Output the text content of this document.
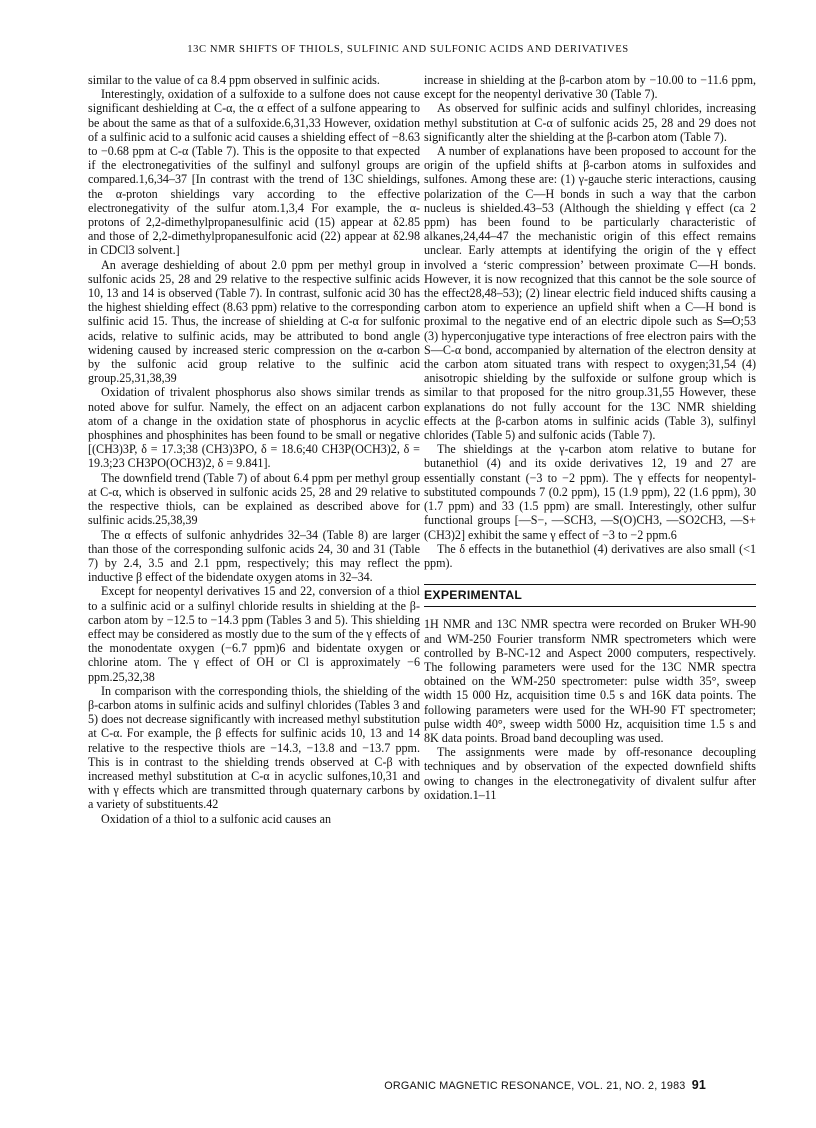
13C NMR SHIFTS OF THIOLS, SULFINIC AND SULFONIC ACIDS AND DERIVATIVES

similar to the value of ca 8.4 ppm observed in sulfinic acids.

Interestingly, oxidation of a sulfoxide to a sulfone does not cause significant deshielding at C-α, the α effect of a sulfone appearing to be about the same as that of a sulfoxide.6,31,33 However, oxidation of a sulfinic acid to a sulfonic acid causes a shielding effect of −8.63 to −0.68 ppm at C-α (Table 7). This is the opposite to that expected if the electronegativities of the sulfinyl and sulfonyl groups are compared.1,6,34–37 [In contrast with the trend of 13C shieldings, the α-proton shieldings vary according to the effective electronegativity of the sulfur atom.1,3,4 For example, the α-protons of 2,2-dimethylpropanesulfinic acid (15) appear at δ2.85 and those of 2,2-dimethylpropanesulfonic acid (22) appear at δ2.98 in CDCl3 solvent.]

An average deshielding of about 2.0 ppm per methyl group in sulfonic acids 25, 28 and 29 relative to the respective sulfinic acids 10, 13 and 14 is observed (Table 7). In contrast, sulfonic acid 30 has the highest shielding effect (8.63 ppm) relative to the corresponding sulfinic acid 15. Thus, the increase of shielding at C-α for sulfonic acids, relative to sulfinic acids, may be attributed to bond angle widening caused by increased steric compression on the α-carbon by the sulfonic acid group relative to the sulfinic acid group.25,31,38,39

Oxidation of trivalent phosphorus also shows similar trends as noted above for sulfur. Namely, the effect on an adjacent carbon atom of a change in the oxidation state of phosphorus in acyclic phosphines and phosphinites has been found to be small or negative [(CH3)3P, δ = 17.3;38 (CH3)3PO, δ = 18.6;40 CH3P(OCH3)2, δ = 19.3;23 CH3PO(OCH3)2, δ = 9.841].

The downfield trend (Table 7) of about 6.4 ppm per methyl group at C-α, which is observed in sulfonic acids 25, 28 and 29 relative to the respective thiols, can be explained as described above for sulfinic acids.25,38,39

The α effects of sulfonic anhydrides 32–34 (Table 8) are larger than those of the corresponding sulfonic acids 24, 30 and 31 (Table 7) by 2.4, 3.5 and 2.1 ppm, respectively; this may reflect the inductive β effect of the bidendate oxygen atoms in 32–34.

Except for neopentyl derivatives 15 and 22, conversion of a thiol to a sulfinic acid or a sulfinyl chloride results in shielding at the β-carbon atom by −12.5 to −14.3 ppm (Tables 3 and 5). This shielding effect may be considered as mostly due to the sum of the γ effects of the monodentate oxygen (−6.7 ppm)6 and bidentate oxygen or chlorine atom. The γ effect of OH or Cl is approximately −6 ppm.25,32,38

In comparison with the corresponding thiols, the shielding of the β-carbon atoms in sulfinic acids and sulfinyl chlorides (Tables 3 and 5) does not decrease significantly with increased methyl substitution at C-α. For example, the β effects for sulfinic acids 10, 13 and 14 relative to the respective thiols are −14.3, −13.8 and −13.7 ppm. This is in contrast to the shielding trends observed at C-β with increased methyl substitution at C-α in acyclic sulfones,10,31 and with γ effects which are transmitted through quaternary carbons by a variety of substituents.42

Oxidation of a thiol to a sulfonic acid causes an

increase in shielding at the β-carbon atom by −10.00 to −11.6 ppm, except for the neopentyl derivative 30 (Table 7).

As observed for sulfinic acids and sulfinyl chlorides, increasing methyl substitution at C-α of sulfonic acids 25, 28 and 29 does not significantly alter the shielding at the β-carbon atom (Table 7).

A number of explanations have been proposed to account for the origin of the upfield shifts at β-carbon atoms in sulfoxides and sulfones. Among these are: (1) γ-gauche steric interactions, causing polarization of the C—H bonds in such a way that the carbon nucleus is shielded.43–53 (Although the shielding γ effect (ca 2 ppm) has been found to be particularly characteristic of alkanes,24,44–47 the mechanistic origin of this effect remains unclear. Early attempts at identifying the origin of the γ effect involved a ‘steric compression’ between proximate C—H bonds. However, it is now recognized that this cannot be the sole source of the effect28,48–53); (2) linear electric field induced shifts causing a carbon atom to experience an upfield shift when a C—H bond is proximal to the negative end of an electric dipole such as S═O;53 (3) hyperconjugative type interactions of free electron pairs with the S—C-α bond, accompanied by alternation of the electron density at the carbon atom situated trans with respect to oxygen;31,54 (4) anisotropic shielding by the sulfoxide or sulfone group which is similar to that proposed for the nitro group.31,55 However, these explanations do not fully account for the 13C NMR shielding effects at the β-carbon atoms in sulfinic acids (Table 3), sulfinyl chlorides (Table 5) and sulfonic acids (Table 7).

The shieldings at the γ-carbon atom relative to butane for butanethiol (4) and its oxide derivatives 12, 19 and 27 are essentially constant (−3 to −2 ppm). The γ effects for neopentyl-substituted compounds 7 (0.2 ppm), 15 (1.9 ppm), 22 (1.6 ppm), 30 (1.7 ppm) and 33 (1.5 ppm) are small. Interestingly, other sulfur functional groups [—S−, —SCH3, —S(O)CH3, —SO2CH3, —S+(CH3)2] exhibit the same γ effect of −3 to −2 ppm.6

The δ effects in the butanethiol (4) derivatives are also small (<1 ppm).

EXPERIMENTAL

1H NMR and 13C NMR spectra were recorded on Bruker WH-90 and WM-250 Fourier transform NMR spectrometers which were controlled by B-NC-12 and Aspect 2000 computers, respectively. The following parameters were used for the 13C NMR spectra obtained on the WM-250 spectrometer: pulse width 35°, sweep width 15 000 Hz, acquisition time 0.5 s and 16K data points. The following parameters were used for the WH-90 FT spectrometer; pulse width 40°, sweep width 5000 Hz, acquisition time 1.5 s and 8K data points. Broad band decoupling was used.

The assignments were made by off-resonance decoupling techniques and by observation of the expected downfield shifts owing to changes in the electronegativity of divalent sulfur after oxidation.1–11

ORGANIC MAGNETIC RESONANCE, VOL. 21, NO. 2, 1983 91
